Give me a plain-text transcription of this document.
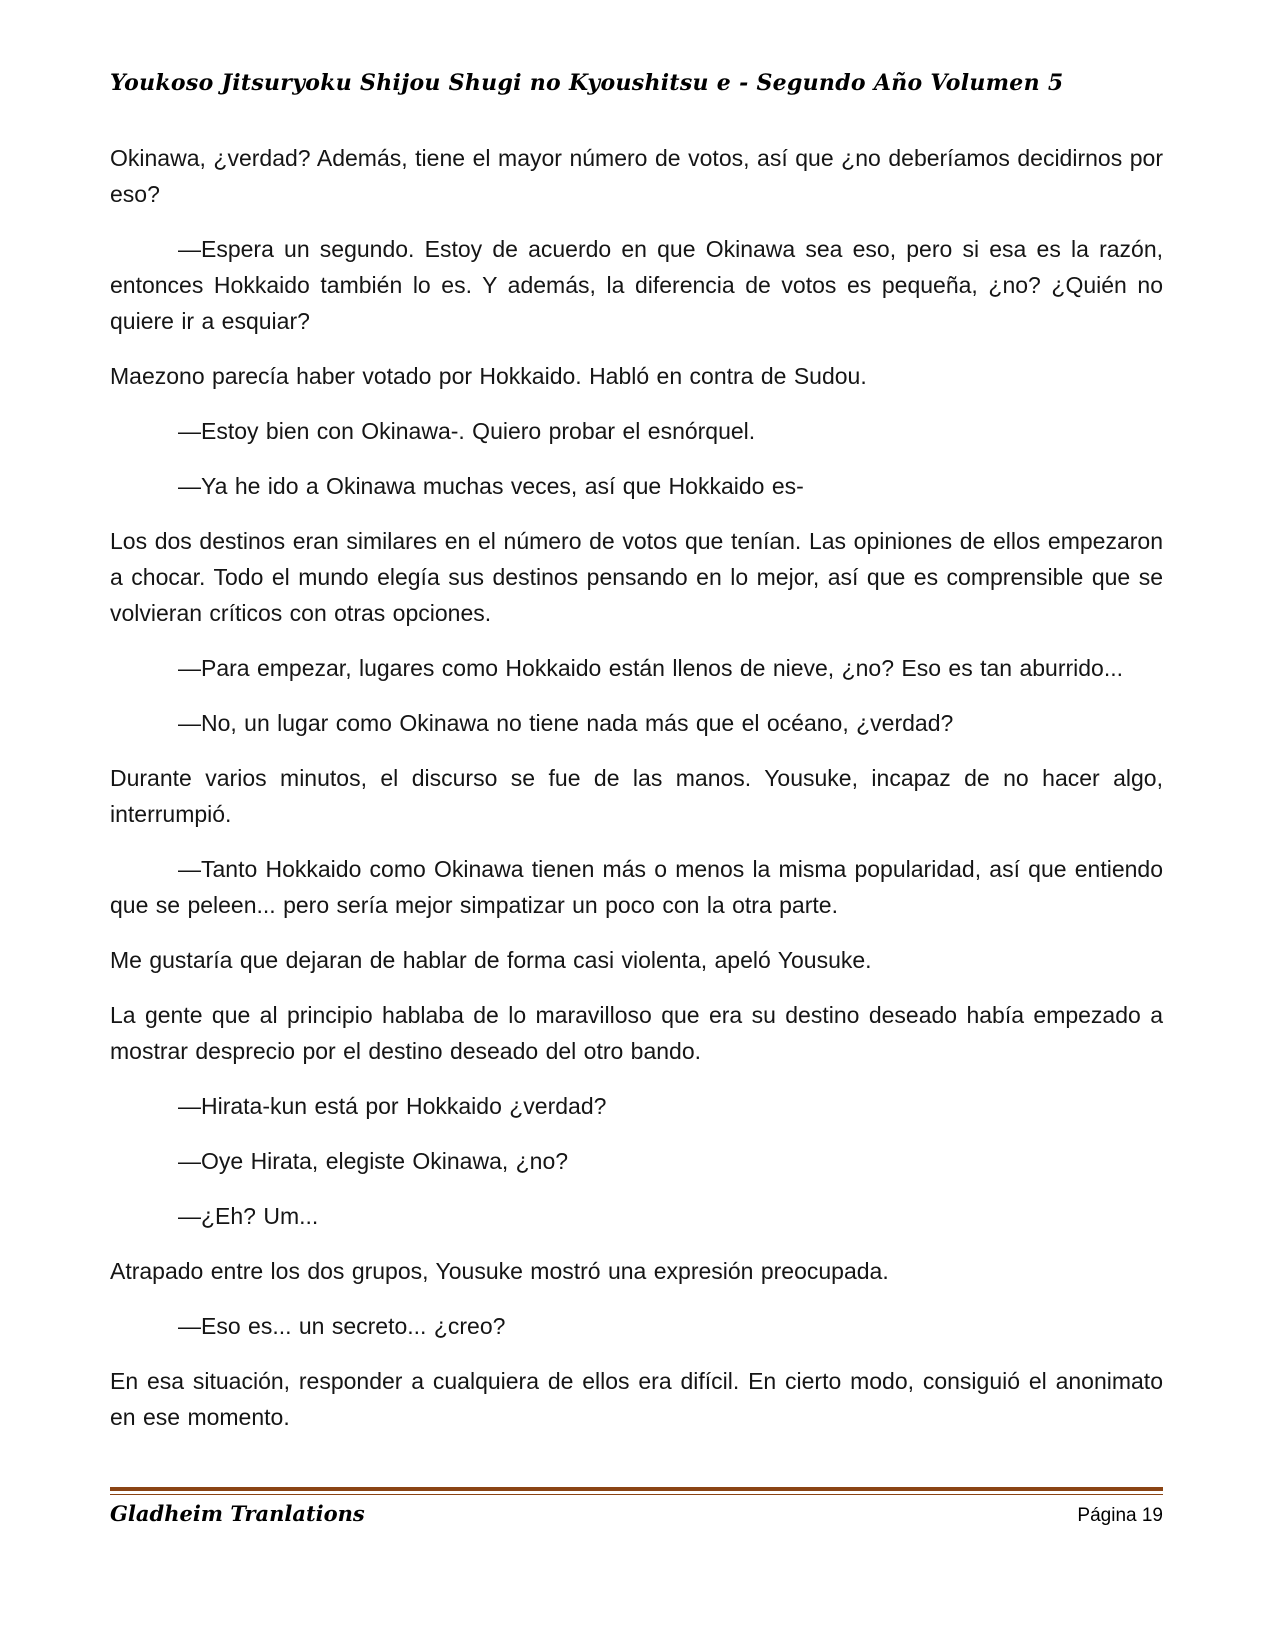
Youkoso Jitsuryoku Shijou Shugi no Kyoushitsu e - Segundo Año Volumen 5

Okinawa, ¿verdad? Además, tiene el mayor número de votos, así que ¿no deberíamos decidirnos por eso?

—Espera un segundo. Estoy de acuerdo en que Okinawa sea eso, pero si esa es la razón, entonces Hokkaido también lo es. Y además, la diferencia de votos es pequeña, ¿no? ¿Quién no quiere ir a esquiar?

Maezono parecía haber votado por Hokkaido. Habló en contra de Sudou.

—Estoy bien con Okinawa-. Quiero probar el esnórquel.

—Ya he ido a Okinawa muchas veces, así que Hokkaido es-

Los dos destinos eran similares en el número de votos que tenían. Las opiniones de ellos empezaron a chocar. Todo el mundo elegía sus destinos pensando en lo mejor, así que es comprensible que se volvieran críticos con otras opciones.

—Para empezar, lugares como Hokkaido están llenos de nieve, ¿no? Eso es tan aburrido...

—No, un lugar como Okinawa no tiene nada más que el océano, ¿verdad?

Durante varios minutos, el discurso se fue de las manos. Yousuke, incapaz de no hacer algo, interrumpió.

—Tanto Hokkaido como Okinawa tienen más o menos la misma popularidad, así que entiendo que se peleen... pero sería mejor simpatizar un poco con la otra parte.

Me gustaría que dejaran de hablar de forma casi violenta, apeló Yousuke.

La gente que al principio hablaba de lo maravilloso que era su destino deseado había empezado a mostrar desprecio por el destino deseado del otro bando.

—Hirata-kun está por Hokkaido ¿verdad?

—Oye Hirata, elegiste Okinawa, ¿no?

—¿Eh? Um...

Atrapado entre los dos grupos, Yousuke mostró una expresión preocupada.

—Eso es... un secreto... ¿creo?

En esa situación, responder a cualquiera de ellos era difícil. En cierto modo, consiguió el anonimato en ese momento.

Gladheim Tranlations	Página 19
